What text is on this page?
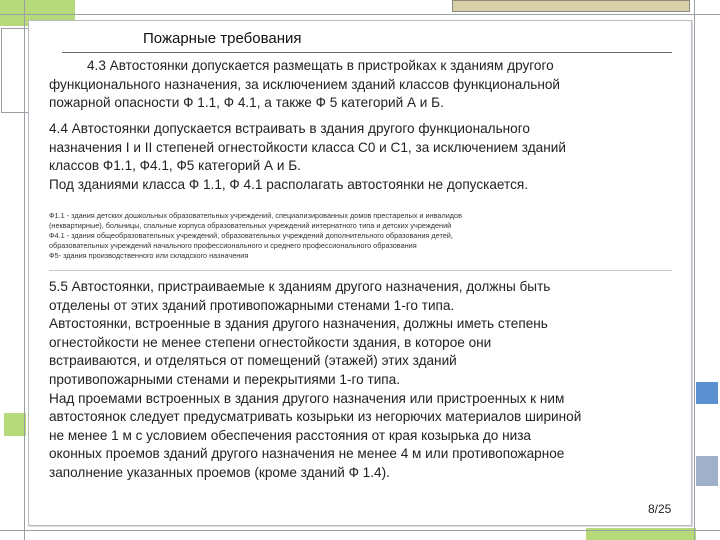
Пожарные требования

4.3 Автостоянки допускается размещать в пристройках к зданиям другого

функционального назначения, за исключением зданий классов функциональной

пожарной опасности Ф 1.1, Ф 4.1, а также Ф 5 категорий А и Б.

4.4 Автостоянки допускается встраивать в здания другого функционального

назначения I и II степеней огнестойкости класса С0 и С1, за исключением зданий

классов Ф1.1, Ф4.1, Ф5 категорий А и Б.

Под зданиями класса Ф 1.1, Ф 4.1 располагать автостоянки не допускается.

Ф1.1 - здания детских дошкольных образовательных учреждений, специализированных домов престарелых и инвалидов

(неквартирные), больницы, спальные корпуса образовательных учреждений интернатного типа и детских учреждений

Ф4.1 - здания общеобразовательных учреждений, образовательных учреждений дополнительного образования детей,

образовательных учреждений начального профессионального и среднего профессионального образования

Ф5- здания производственного или складского назначения

5.5 Автостоянки, пристраиваемые к зданиям другого назначения, должны быть

отделены от этих зданий противопожарными стенами 1-го типа.

Автостоянки, встроенные в здания другого назначения, должны иметь степень

огнестойкости не менее степени огнестойкости здания, в которое они

встраиваются, и отделяться от помещений (этажей) этих зданий

противопожарными стенами и перекрытиями 1-го типа.

Над проемами встроенных в здания другого назначения или пристроенных к ним

автостоянок следует предусматривать козырьки из негорючих материалов шириной

не менее 1 м с условием обеспечения расстояния от края козырька до низа

оконных проемов зданий другого назначения не менее 4 м или противопожарное

заполнение указанных проемов (кроме зданий Ф 1.4).

8/25
